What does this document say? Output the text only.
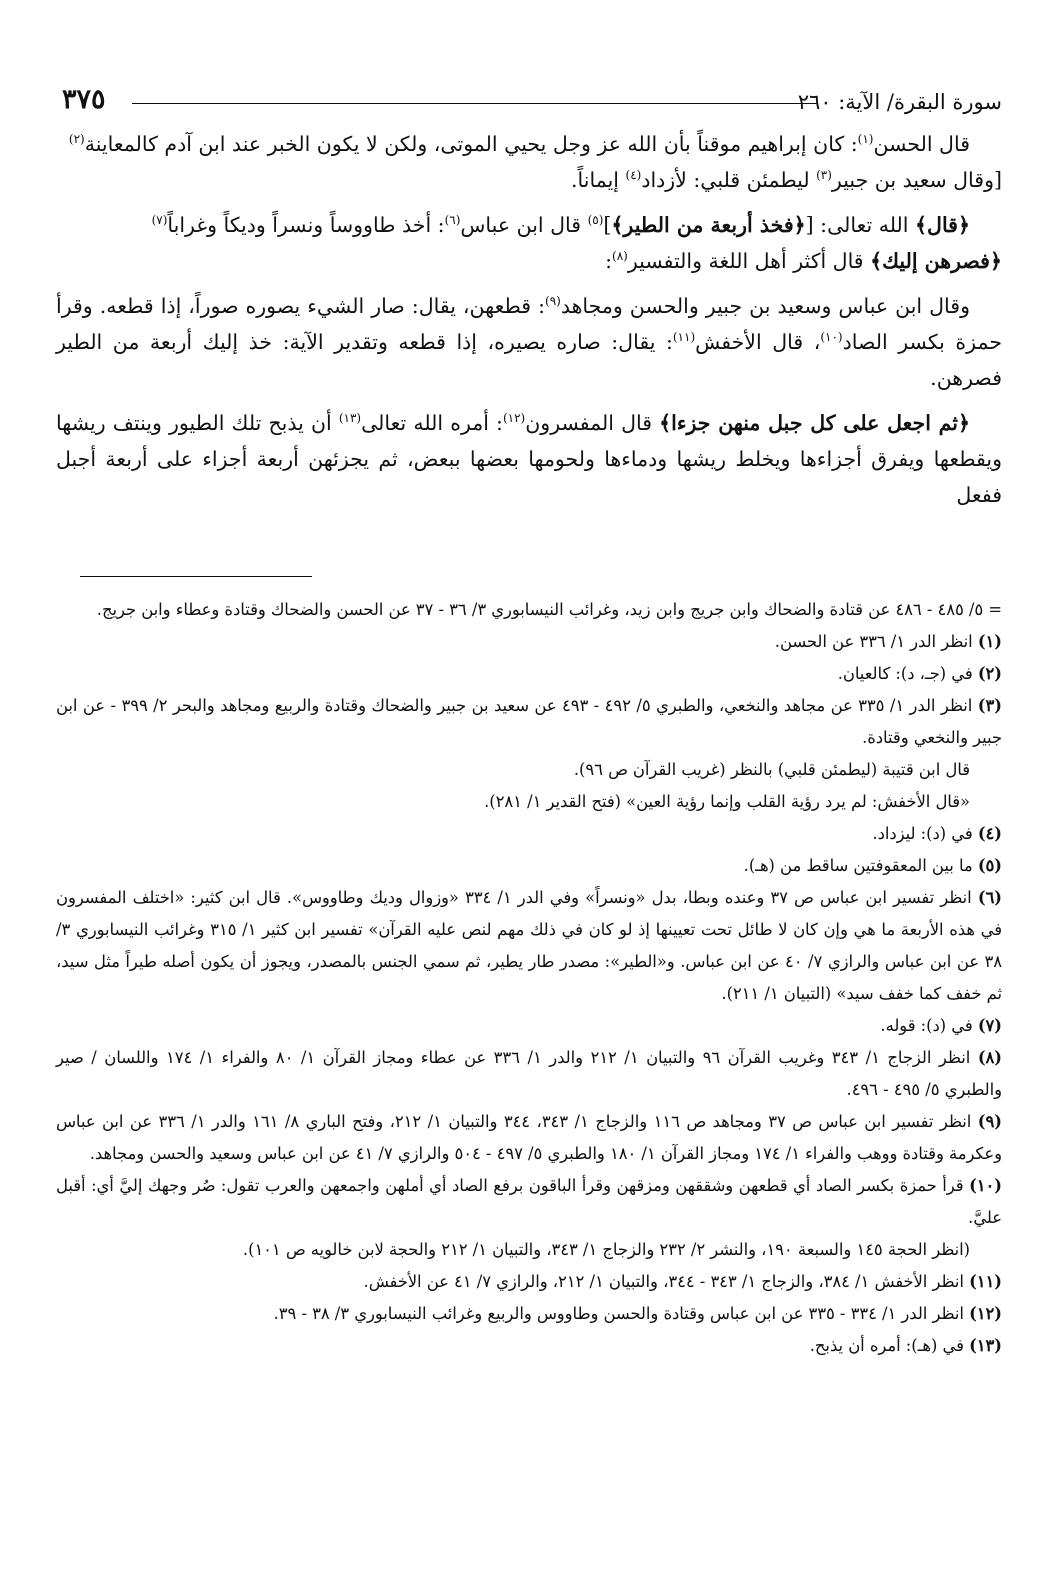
سورة البقرة/ الآية: ٢٦٠
٣٧٥

قال الحسن$^{(١)}$: كان إبراهيم موقناً بأن الله عز وجل يحيي الموتى، ولكن لا يكون الخبر عند ابن آدم كالمعاينة$^{(٢)}$
[وقال سعيد بن جبير$^{(٣)}$ ليطمئن قلبي: لأزداد$^{(٤)}$ إيماناً.

﴿قال﴾ الله تعالى: [﴿فخذ أربعة من الطير﴾]$^{(٥)}$ قال ابن عباس$^{(٦)}$: أخذ طاووساً ونسراً وديكاً وغراباً$^{(٧)}$
﴿فصرهن إليك﴾ قال أكثر أهل اللغة والتفسير$^{(٨)}$:

وقال ابن عباس وسعيد بن جبير والحسن ومجاهد$^{(٩)}$: قطعهن، يقال: صار الشيء يصوره صوراً، إذا قطعه. وقرأ حمزة بكسر الصاد$^{(١٠)}$، قال الأخفش$^{(١١)}$: يقال: صاره يصيره، إذا قطعه وتقدير الآية: خذ إليك أربعة من الطير فصرهن.

﴿ثم اجعل على كل جبل منهن جزءا﴾ قال المفسرون$^{(١٢)}$: أمره الله تعالى$^{(١٣)}$ أن يذبح تلك الطيور وينتف ريشها ويقطعها ويفرق أجزاءها ويخلط ريشها ودماءها ولحومها بعضها ببعض، ثم يجزئهن أربعة أجزاء على أربعة أجبل ففعل

= ٥/ ٤٨٥ - ٤٨٦ عن قتادة والضحاك وابن جريج وابن زيد، وغرائب النيسابوري ٣/ ٣٦ - ٣٧ عن الحسن والضحاك وقتادة وعطاء وابن جريج.

(١) انظر الدر ١/ ٣٣٦ عن الحسن.

(٢) في (جـ، د): كالعيان.

(٣) انظر الدر ١/ ٣٣٥ عن مجاهد والنخعي، والطبري ٥/ ٤٩٢ - ٤٩٣ عن سعيد بن جبير والضحاك وقتادة والربيع ومجاهد والبحر ٢/ ٣٩٩ - عن ابن جبير والنخعي وقتادة.

قال ابن قتيبة (ليطمئن قلبي) بالنظر (غريب القرآن ص ٩٦).

«قال الأخفش: لم يرد رؤية القلب وإنما رؤية العين» (فتح القدير ١/ ٢٨١).

(٤) في (د): ليزداد.

(٥) ما بين المعقوفتين ساقط من (هـ).

(٦) انظر تفسير ابن عباس ص ٣٧ وعنده وبطا، بدل «ونسراً» وفي الدر ١/ ٣٣٤ «وزوال وديك وطاووس». قال ابن كثير: «اختلف المفسرون في هذه الأربعة ما هي وإن كان لا طائل تحت تعيينها إذ لو كان في ذلك مهم لنص عليه القرآن» تفسير ابن كثير ١/ ٣١٥ وغرائب النيسابوري ٣/ ٣٨ عن ابن عباس والرازي ٧/ ٤٠ عن ابن عباس. و«الطير»: مصدر طار يطير، ثم سمي الجنس بالمصدر، ويجوز أن يكون أصله طيراً مثل سيد، ثم خفف كما خفف سيد» (التبيان ١/ ٢١١).

(٧) في (د): قوله.

(٨) انظر الزجاج ١/ ٣٤٣ وغريب القرآن ٩٦ والتبيان ١/ ٢١٢ والدر ١/ ٣٣٦ عن عطاء ومجاز القرآن ١/ ٨٠ والفراء ١/ ١٧٤ واللسان / صير والطبري ٥/ ٤٩٥ - ٤٩٦.

(٩) انظر تفسير ابن عباس ص ٣٧ ومجاهد ص ١١٦ والزجاج ١/ ٣٤٣، ٣٤٤ والتبيان ١/ ٢١٢، وفتح الباري ٨/ ١٦١ والدر ١/ ٣٣٦ عن ابن عباس وعكرمة وقتادة ووهب والفراء ١/ ١٧٤ ومجاز القرآن ١/ ١٨٠ والطبري ٥/ ٤٩٧ - ٥٠٤ والرازي ٧/ ٤١ عن ابن عباس وسعيد والحسن ومجاهد.

(١٠) قرأ حمزة بكسر الصاد أي قطعهن وشققهن ومزقهن وقرأ الباقون برفع الصاد أي أملهن واجمعهن والعرب تقول: صُر وجهك إليَّ أي: أقبل عليَّ.

(انظر الحجة ١٤٥ والسبعة ١٩٠، والنشر ٢/ ٢٣٢ والزجاج ١/ ٣٤٣، والتبيان ١/ ٢١٢ والحجة لابن خالويه ص ١٠١).

(١١) انظر الأخفش ١/ ٣٨٤، والزجاج ١/ ٣٤٣ - ٣٤٤، والتبيان ١/ ٢١٢، والرازي ٧/ ٤١ عن الأخفش.

(١٢) انظر الدر ١/ ٣٣٤ - ٣٣٥ عن ابن عباس وقتادة والحسن وطاووس والربيع وغرائب النيسابوري ٣/ ٣٨ - ٣٩.

(١٣) في (هـ): أمره أن يذبح.
